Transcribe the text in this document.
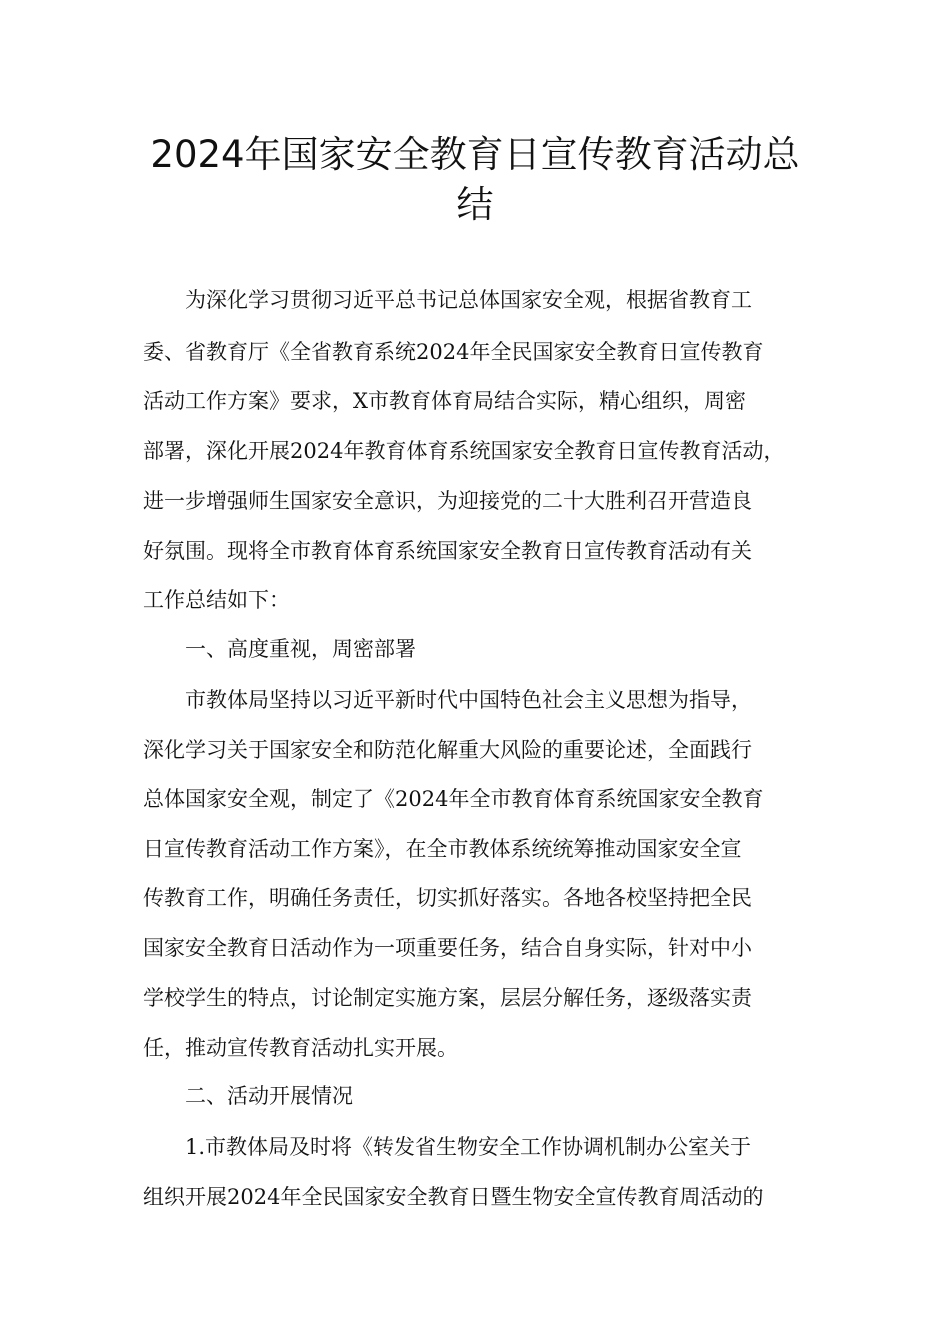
2024年国家安全教育日宣传教育活动总
结

　　为深化学习贯彻习近平总书记总体国家安全观，根据省教育工

委、省教育厅《全省教育系统2024年全民国家安全教育日宣传教育

活动工作方案》要求，X市教育体育局结合实际，精心组织，周密

部署，深化开展2024年教育体育系统国家安全教育日宣传教育活动，

进一步增强师生国家安全意识，为迎接党的二十大胜利召开营造良

好氛围。现将全市教育体育系统国家安全教育日宣传教育活动有关

工作总结如下：

　　一、高度重视，周密部署

　　市教体局坚持以习近平新时代中国特色社会主义思想为指导，

深化学习关于国家安全和防范化解重大风险的重要论述，全面践行

总体国家安全观，制定了《2024年全市教育体育系统国家安全教育

日宣传教育活动工作方案》，在全市教体系统统筹推动国家安全宣

传教育工作，明确任务责任，切实抓好落实。各地各校坚持把全民

国家安全教育日活动作为一项重要任务，结合自身实际，针对中小

学校学生的特点，讨论制定实施方案，层层分解任务，逐级落实责

任，推动宣传教育活动扎实开展。

　　二、活动开展情况

　　1.市教体局及时将《转发省生物安全工作协调机制办公室关于

组织开展2024年全民国家安全教育日暨生物安全宣传教育周活动的
